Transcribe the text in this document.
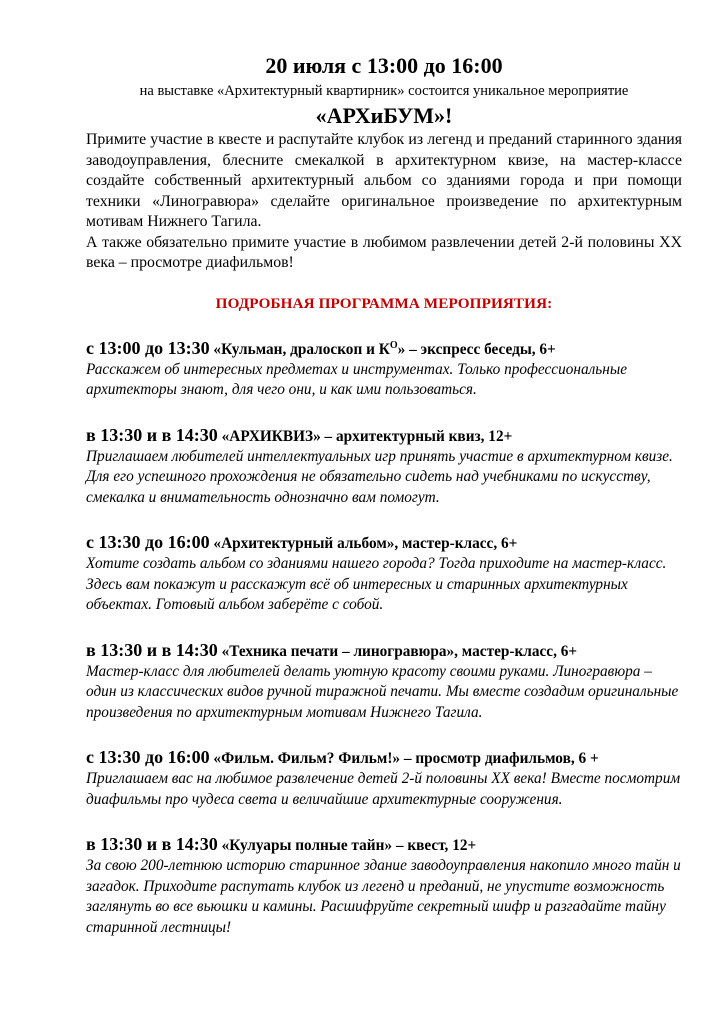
20 июля с 13:00 до 16:00

на выставке «Архитектурный квартирник» состоится уникальное мероприятие

«АРХиБУМ»!

Примите участие в квесте и распутайте клубок из легенд и преданий старинного здания заводоуправления, блесните смекалкой в архитектурном квизе, на мастер-классе создайте собственный архитектурный альбом со зданиями города и при помощи техники «Линогравюра» сделайте оригинальное произведение по архитектурным мотивам Нижнего Тагила.

А также обязательно примите участие в любимом развлечении детей 2-й половины XX века – просмотре диафильмов!

ПОДРОБНАЯ ПРОГРАММА МЕРОПРИЯТИЯ:

с 13:00 до 13:30 «Кульман, дралоскоп и $К^О$» – экспресс беседы, 6+

Расскажем об интересных предметах и инструментах. Только профессиональные архитекторы знают, для чего они, и как ими пользоваться.

в 13:30 и в 14:30 «АРХИКВИЗ» – архитектурный квиз, 12+

Приглашаем любителей интеллектуальных игр принять участие в архитектурном квизе. Для его успешного прохождения не обязательно сидеть над учебниками по искусству, смекалка и внимательность однозначно вам помогут.

с 13:30 до 16:00 «Архитектурный альбом», мастер-класс, 6+

Хотите создать альбом со зданиями нашего города? Тогда приходите на мастер-класс. Здесь вам покажут и расскажут всё об интересных и старинных архитектурных объектах. Готовый альбом заберёте с собой.

в 13:30 и в 14:30 «Техника печати – линогравюра», мастер-класс, 6+

Мастер-класс для любителей делать уютную красоту своими руками. Линогравюра – один из классических видов ручной тиражной печати. Мы вместе создадим оригинальные произведения по архитектурным мотивам Нижнего Тагила.

с 13:30 до 16:00 «Фильм. Фильм? Фильм!» – просмотр диафильмов, 6 +

Приглашаем вас на любимое развлечение детей 2-й половины XX века! Вместе посмотрим диафильмы про чудеса света и величайшие архитектурные сооружения.

в 13:30 и в 14:30 «Кулуары полные тайн» – квест, 12+

За свою 200-летнюю историю старинное здание заводоуправления накопило много тайн и загадок. Приходите распутать клубок из легенд и преданий, не упустите возможность заглянуть во все вьюшки и камины. Расшифруйте секретный шифр и разгадайте тайну старинной лестницы!
